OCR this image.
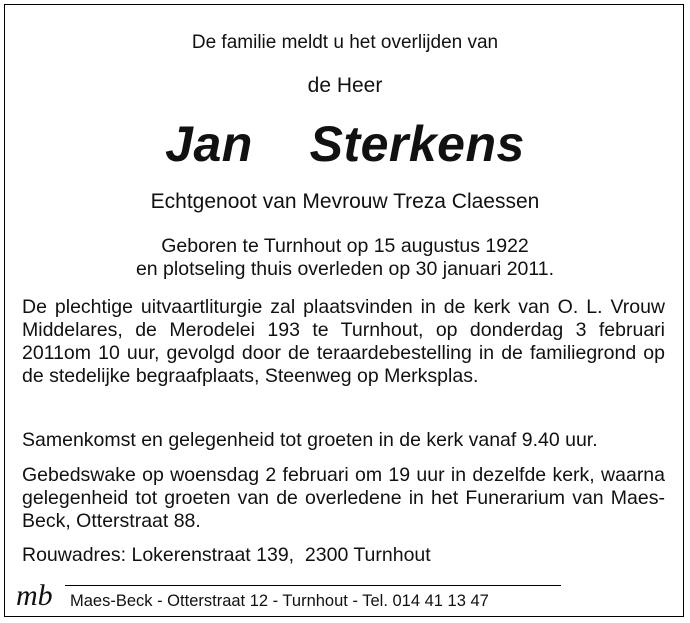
De familie meldt u het overlijden van
de Heer
Jan  Sterkens
Echtgenoot van Mevrouw Treza Claessen
Geboren te Turnhout op 15 augustus 1922
en plotseling thuis overleden op 30 januari 2011.

De plechtige uitvaartliturgie zal plaatsvinden in de kerk van O. L. Vrouw Middelares, de Merodelei 193 te Turnhout, op donderdag 3 februari 2011om 10 uur, gevolgd door de teraardebestelling in de familiegrond op de stedelijke begraafplaats, Steenweg op Merksplas.

Samenkomst en gelegenheid tot groeten in de kerk vanaf 9.40 uur.

Gebedswake op woensdag 2 februari om 19 uur in dezelfde kerk, waarna gelegenheid tot groeten van de overledene in het Funerarium van Maes-Beck, Otterstraat 88.

Rouwadres: Lokerenstraat 139,  2300 Turnhout

mb Maes-Beck - Otterstraat 12 - Turnhout - Tel. 014 41 13 47
